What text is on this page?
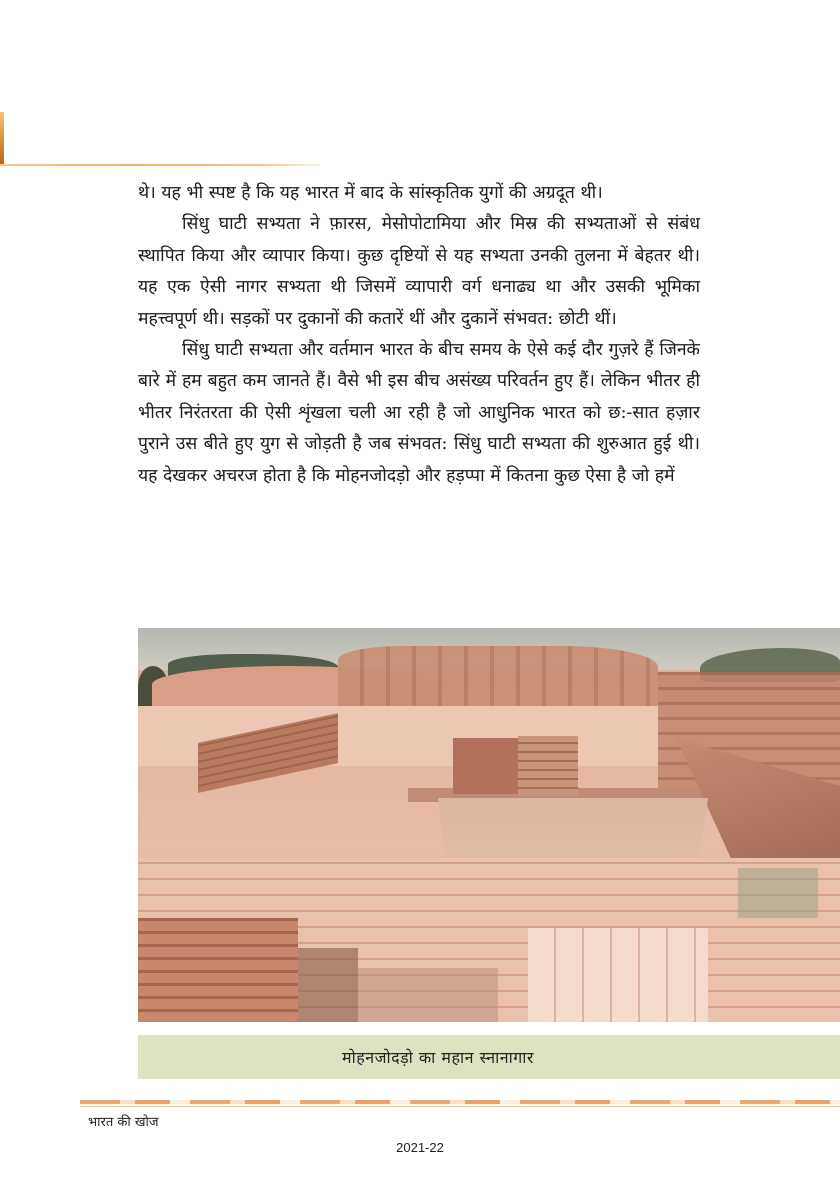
थे। यह भी स्पष्ट है कि यह भारत में बाद के सांस्कृतिक युगों की अग्रदूत थी।

सिंधु घाटी सभ्यता ने फ़ारस, मेसोपोटामिया और मिस्र की सभ्यताओं से संबंध स्थापित किया और व्यापार किया। कुछ दृष्टियों से यह सभ्यता उनकी तुलना में बेहतर थी। यह एक ऐसी नागर सभ्यता थी जिसमें व्यापारी वर्ग धनाढ्य था और उसकी भूमिका महत्त्वपूर्ण थी। सड़कों पर दुकानों की कतारें थीं और दुकानें संभवत: छोटी थीं।

सिंधु घाटी सभ्यता और वर्तमान भारत के बीच समय के ऐसे कई दौर गुज़रे हैं जिनके बारे में हम बहुत कम जानते हैं। वैसे भी इस बीच असंख्य परिवर्तन हुए हैं। लेकिन भीतर ही भीतर निरंतरता की ऐसी शृंखला चली आ रही है जो आधुनिक भारत को छ:-सात हज़ार पुराने उस बीते हुए युग से जोड़ती है जब संभवत: सिंधु घाटी सभ्यता की शुरुआत हुई थी। यह देखकर अचरज होता है कि मोहनजोदड़ो और हड़प्पा में कितना कुछ ऐसा है जो हमें

मोहनजोदड़ो का महान स्नानागार
भारत की खोज
2021-22
